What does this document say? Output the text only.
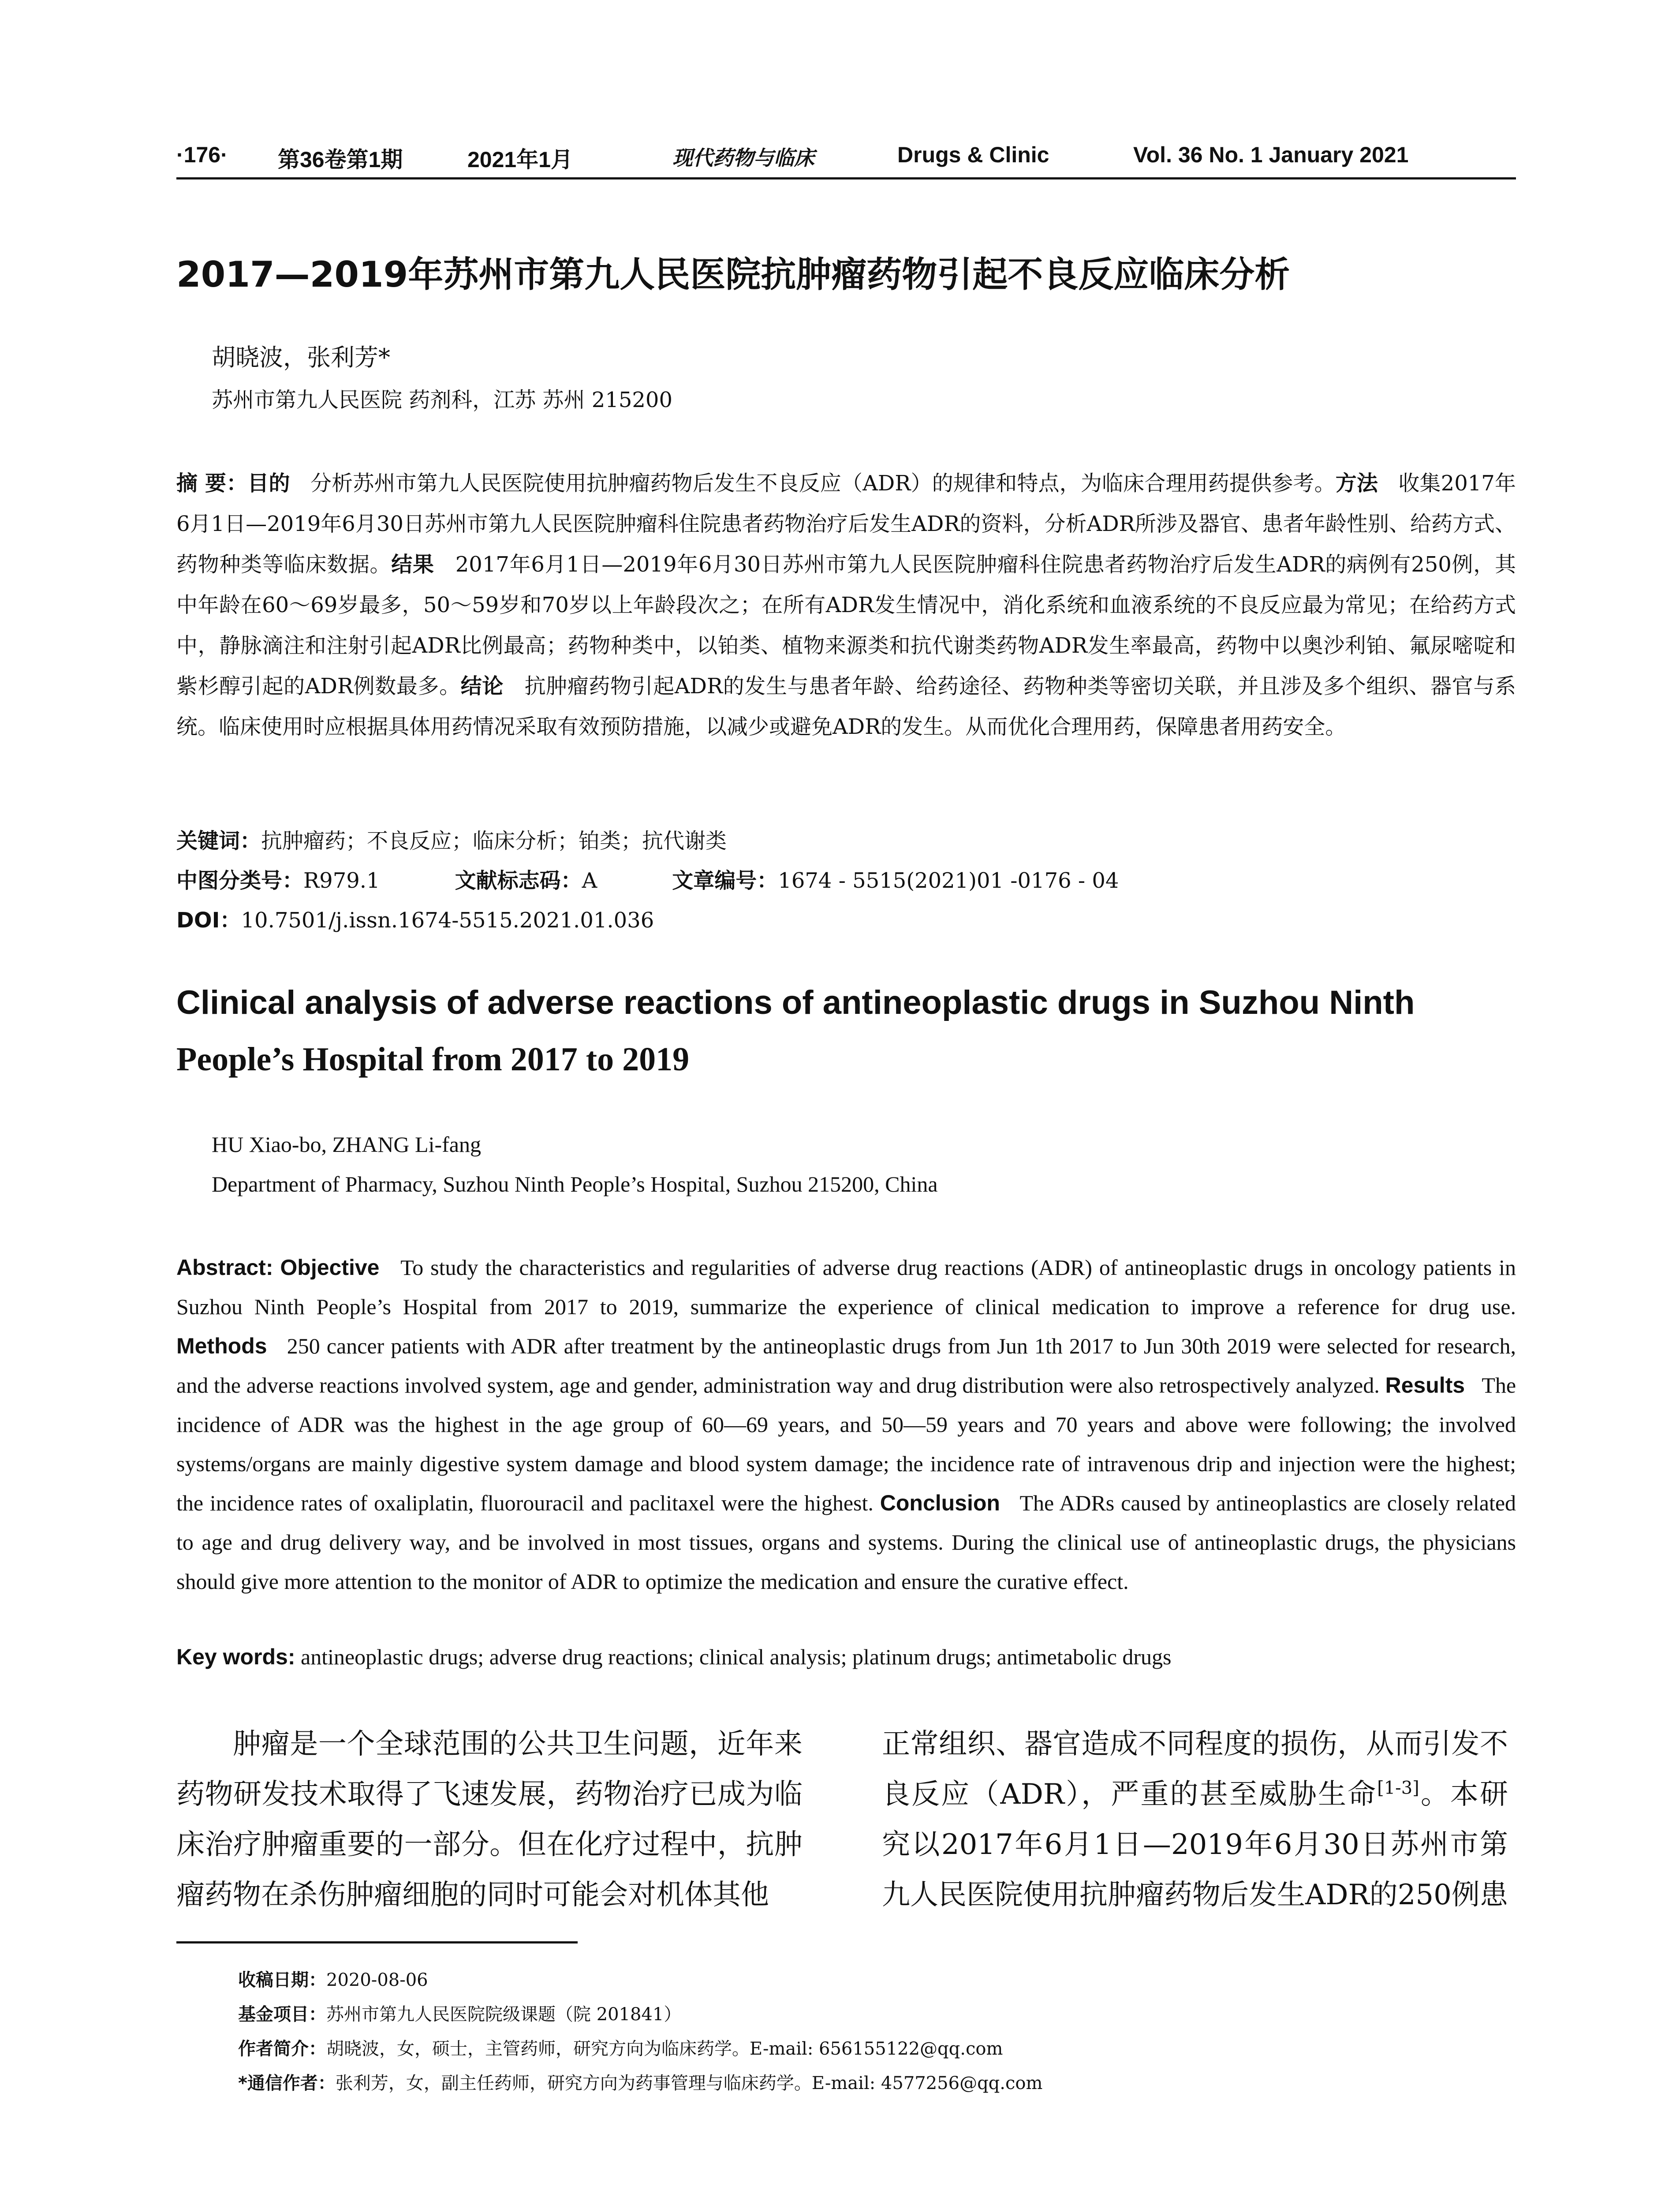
·176· 第36卷第1期	2021年1月	现代药物与临床	Drugs & Clinic	Vol. 36 No. 1 January 2021
2017—2019年苏州市第九人民医院抗肿瘤药物引起不良反应临床分析
胡晓波，张利芳*
苏州市第九人民医院 药剂科，江苏 苏州 215200
摘 要：目的 分析苏州市第九人民医院使用抗肿瘤药物后发生不良反应（ADR）的规律和特点，为临床合理用药提供参考。方法 收集2017年6月1日—2019年6月30日苏州市第九人民医院肿瘤科住院患者药物治疗后发生ADR的资料，分析ADR所涉及器官、患者年龄性别、给药方式、药物种类等临床数据。结果 2017年6月1日—2019年6月30日苏州市第九人民医院肿瘤科住院患者药物治疗后发生ADR的病例有250例，其中年龄在60～69岁最多，50～59岁和70岁以上年龄段次之；在所有ADR发生情况中，消化系统和血液系统的不良反应最为常见；在给药方式中，静脉滴注和注射引起ADR比例最高；药物种类中，以铂类、植物来源类和抗代谢类药物ADR发生率最高，药物中以奥沙利铂、氟尿嘧啶和紫杉醇引起的ADR例数最多。结论 抗肿瘤药物引起ADR的发生与患者年龄、给药途径、药物种类等密切关联，并且涉及多个组织、器官与系统。临床使用时应根据具体用药情况采取有效预防措施，以减少或避免ADR的发生。从而优化合理用药，保障患者用药安全。
关键词：抗肿瘤药；不良反应；临床分析；铂类；抗代谢类
中图分类号：R979.1	文献标志码：A	文章编号：1674 - 5515(2021)01 -0176 - 04
DOI：10.7501/j.issn.1674-5515.2021.01.036
Clinical analysis of adverse reactions of antineoplastic drugs in Suzhou Ninth
People’s Hospital from 2017 to 2019
HU Xiao-bo, ZHANG Li-fang
Department of Pharmacy, Suzhou Ninth People’s Hospital, Suzhou 215200, China
Abstract: Objective To study the characteristics and regularities of adverse drug reactions (ADR) of antineoplastic drugs in oncology patients in Suzhou Ninth People’s Hospital from 2017 to 2019, summarize the experience of clinical medication to improve a reference for drug use. Methods 250 cancer patients with ADR after treatment by the antineoplastic drugs from Jun 1th 2017 to Jun 30th 2019 were selected for research, and the adverse reactions involved system, age and gender, administration way and drug distribution were also retrospectively analyzed. Results The incidence of ADR was the highest in the age group of 60—69 years, and 50—59 years and 70 years and above were following; the involved systems/organs are mainly digestive system damage and blood system damage; the incidence rate of intravenous drip and injection were the highest; the incidence rates of oxaliplatin, fluorouracil and paclitaxel were the highest. Conclusion The ADRs caused by antineoplastics are closely related to age and drug delivery way, and be involved in most tissues, organs and systems. During the clinical use of antineoplastic drugs, the physicians should give more attention to the monitor of ADR to optimize the medication and ensure the curative effect.
Key words: antineoplastic drugs; adverse drug reactions; clinical analysis; platinum drugs; antimetabolic drugs
肿瘤是一个全球范围的公共卫生问题，近年来药物研发技术取得了飞速发展，药物治疗已成为临床治疗肿瘤重要的一部分。但在化疗过程中，抗肿瘤药物在杀伤肿瘤细胞的同时可能会对机体其他
正常组织、器官造成不同程度的损伤，从而引发不良反应（ADR），严重的甚至威胁生命[1-3]。本研究以2017年6月1日—2019年6月30日苏州市第九人民医院使用抗肿瘤药物后发生ADR的250例患
收稿日期：2020-08-06
基金项目：苏州市第九人民医院院级课题（院 201841）
作者简介：胡晓波，女，硕士，主管药师，研究方向为临床药学。E-mail: 656155122@qq.com
*通信作者：张利芳，女，副主任药师，研究方向为药事管理与临床药学。E-mail: 4577256@qq.com
